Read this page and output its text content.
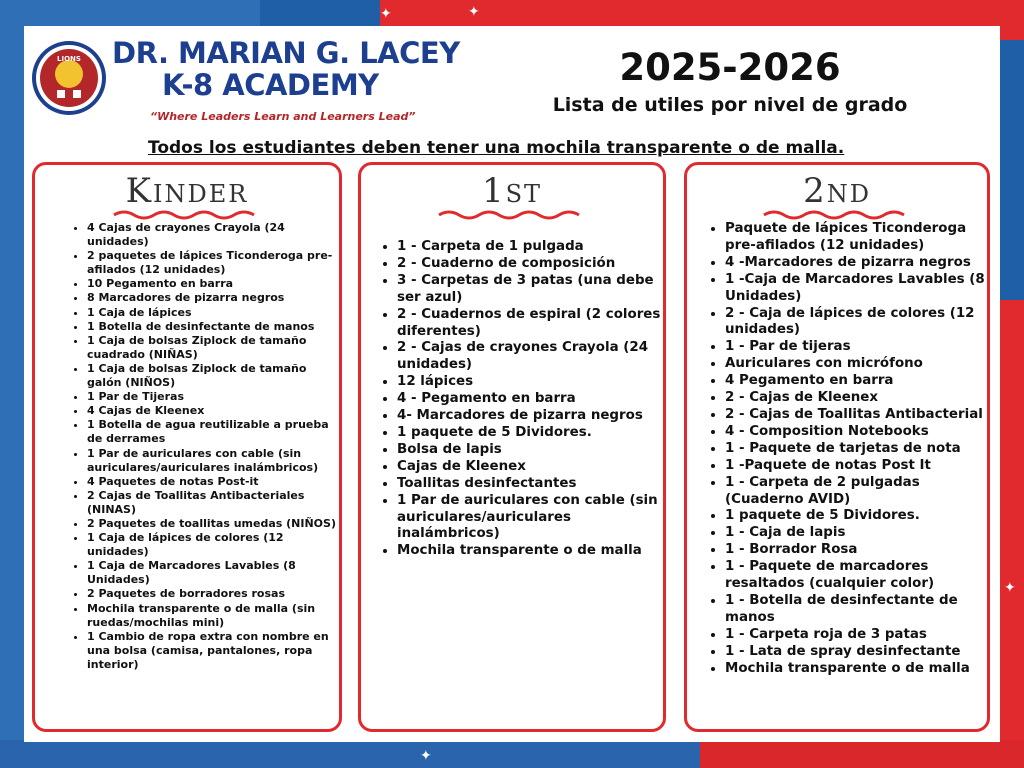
✦	✦
✦
✦
LIONS DR. MARIAN G. LACEY
K-8 ACADEMY
“Where Leaders Learn and Learners Lead”
2025-2026
Lista de utiles por nivel de grado
Todos los estudiantes deben tener una mochila transparente o de malla.
Kinder
• 4 Cajas de crayones Crayola (24 unidades)
• 2 paquetes de lápices Ticonderoga pre-afilados (12 unidades)
• 10 Pegamento en barra
• 8 Marcadores de pizarra negros
• 1 Caja de lápices
• 1 Botella de desinfectante de manos
• 1 Caja de bolsas Ziplock de tamaño cuadrado (NIÑAS)
• 1 Caja de bolsas Ziplock de tamaño galón (NIÑOS)
• 1 Par de Tijeras
• 4 Cajas de Kleenex
• 1 Botella de agua reutilizable a prueba de derrames
• 1 Par de auriculares con cable (sin auriculares/auriculares inalámbricos)
• 4 Paquetes de notas Post-it
• 2 Cajas de Toallitas Antibacteriales (NINAS)
• 2 Paquetes de toallitas umedas (NIÑOS)
• 1 Caja de lápices de colores (12 unidades)
• 1 Caja de Marcadores Lavables (8 Unidades)
• 2 Paquetes de borradores rosas
• Mochila transparente o de malla (sin ruedas/mochilas mini)
• 1 Cambio de ropa extra con nombre en una bolsa (camisa, pantalones, ropa interior)
1st
• 1 - Carpeta de 1 pulgada
• 2 - Cuaderno de composición
• 3 - Carpetas de 3 patas (una debe ser azul)
• 2 - Cuadernos de espiral (2 colores diferentes)
• 2 - Cajas de crayones Crayola (24 unidades)
• 12 lápices
• 4 - Pegamento en barra
• 4- Marcadores de pizarra negros
• 1 paquete de 5 Dividores.
• Bolsa de lapis
• Cajas de Kleenex
• Toallitas desinfectantes
• 1 Par de auriculares con cable (sin auriculares/auriculares inalámbricos)
• Mochila transparente o de malla
2nd
• Paquete de lápices Ticonderoga pre-afilados (12 unidades)
• 4 -Marcadores de pizarra negros
• 1 -Caja de Marcadores Lavables (8 Unidades)
• 2 - Caja de lápices de colores (12 unidades)
• 1 - Par de tijeras
• Auriculares con micrófono
• 4 Pegamento en barra
• 2 - Cajas de Kleenex
• 2 - Cajas de Toallitas Antibacterial
• 4 - Composition Notebooks
• 1 - Paquete de tarjetas de nota
• 1 -Paquete de notas Post It
• 1 - Carpeta de 2 pulgadas (Cuaderno AVID)
• 1 paquete de 5 Dividores.
• 1 - Caja de lapis
• 1 - Borrador Rosa
• 1 - Paquete de marcadores resaltados (cualquier color)
• 1 - Botella de desinfectante de manos
• 1 - Carpeta roja de 3 patas
• 1 - Lata de spray desinfectante
• Mochila transparente o de malla
